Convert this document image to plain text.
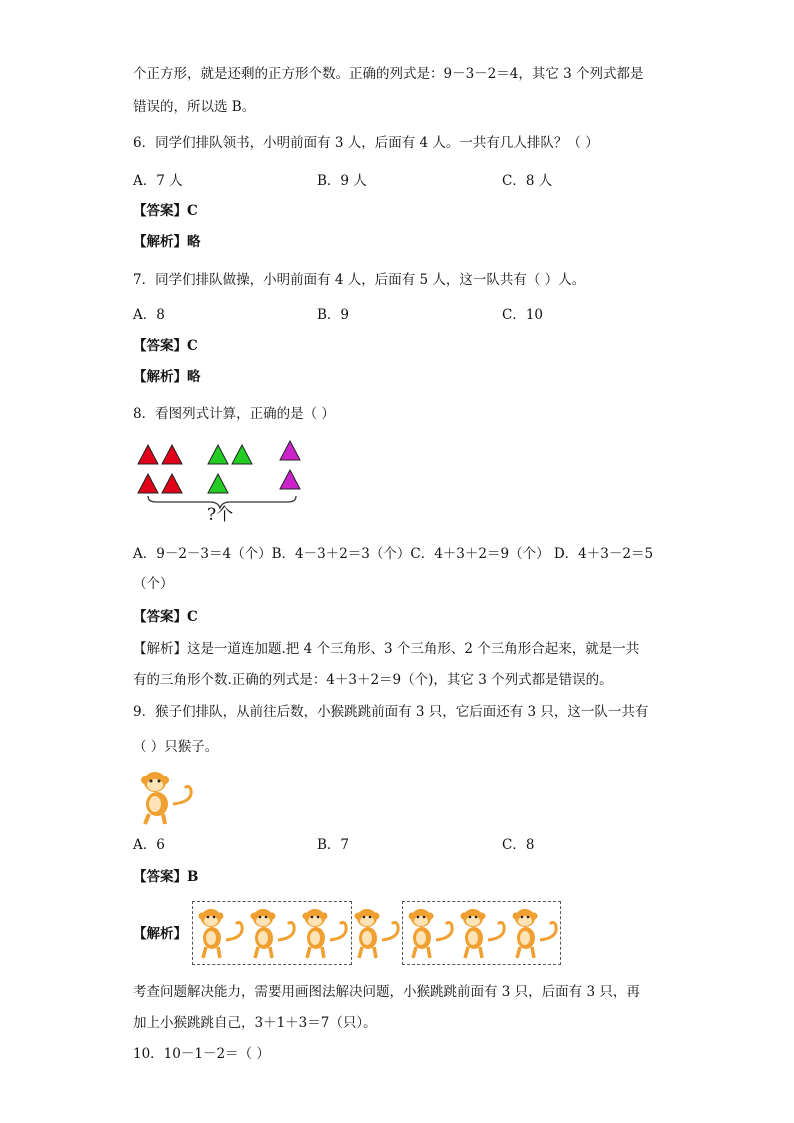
个正方形，就是还剩的正方形个数。正确的列式是：9－3－2＝4，其它 3 个列式都是
错误的，所以选 B。
6．同学们排队领书，小明前面有 3 人，后面有 4 人。一共有几人排队？（ ）
A．7 人	B．9 人	C．8 人
【答案】C
【解析】略
7．同学们排队做操，小明前面有 4 人，后面有 5 人，这一队共有（ ）人。
A．8	B．9	C．10
【答案】C
【解析】略
8．看图列式计算，正确的是（ ）
?个
A．9－2－3＝4（个）B．4－3＋2＝3（个）C．4＋3＋2＝9（个） D．4＋3－2＝5
（个）
【答案】C
【解析】这是一道连加题.把 4 个三角形、3 个三角形、2 个三角形合起来，就是一共
有的三角形个数.正确的列式是：4＋3＋2＝9（个)，其它 3 个列式都是错误的。
9．猴子们排队，从前往后数，小猴跳跳前面有 3 只，它后面还有 3 只，这一队一共有
（ ）只猴子。
A．6	B．7	C．8
【答案】B
【解析】
考查问题解决能力，需要用画图法解决问题，小猴跳跳前面有 3 只，后面有 3 只，再
加上小猴跳跳自己，3＋1＋3＝7（只）。
10．10－1－2＝（ ）
